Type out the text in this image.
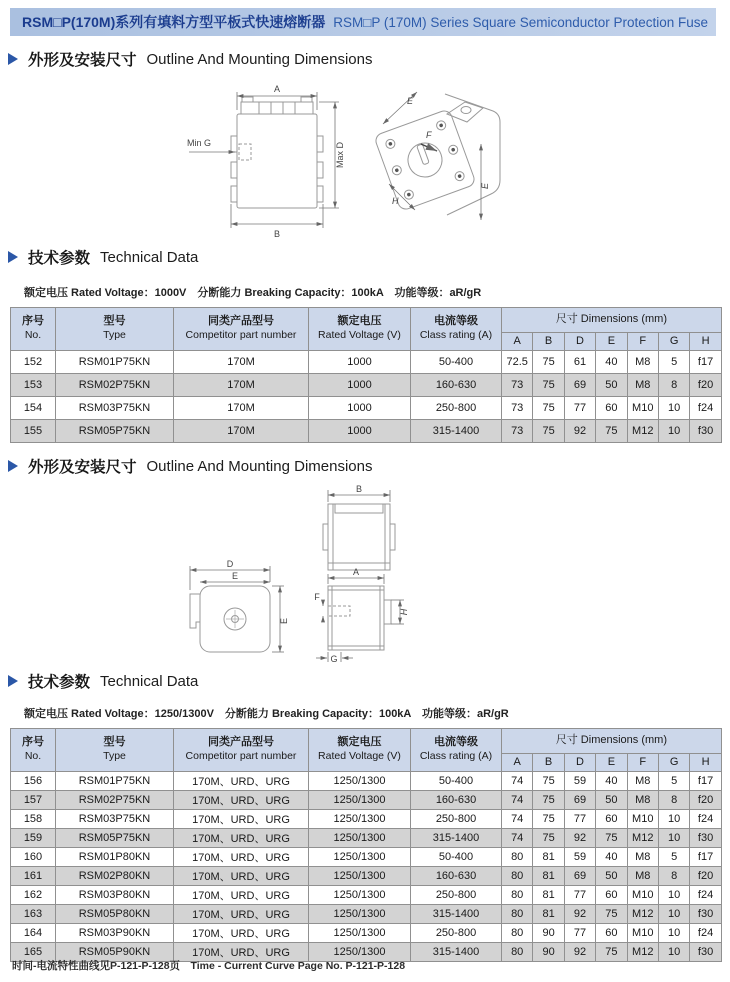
RSM□P(170M)系列有填料方型平板式快速熔断器 RSM□P (170M) Series Square Semiconductor Protection Fuse
外形及安装尺寸 Outline And Mounting Dimensions
A
Min G	Max D
B
E
F
H
E
技术参数 Technical Data

额定电压 Rated Voltage：1000V　分断能力 Breaking Capacity：100kA　功能等级：aR/gR

序号
No.	型号
Type	同类产品型号
Competitor part number	额定电压
Rated Voltage (V)	电流等级
Class rating (A)	尺寸 Dimensions (mm)						
					A	B	D	E	F	G	H
152	RSM01P75KN	170M	1000	50-400	72.5	75	61	40	M8	5	f17
153	RSM02P75KN	170M	1000	160-630	73	75	69	50	M8	8	f20
154	RSM03P75KN	170M	1000	250-800	73	75	77	60	M10	10	f24
155	RSM05P75KN	170M	1000	315-1400	73	75	92	75	M12	10	f30
外形及安装尺寸 Outline And Mounting Dimensions
B
D
E
E
A
F
H
G
技术参数 Technical Data

额定电压 Rated Voltage：1250/1300V　分断能力 Breaking Capacity：100kA　功能等级：aR/gR

序号
No.	型号
Type	同类产品型号
Competitor part number	额定电压
Rated Voltage (V)	电流等级
Class rating (A)	尺寸 Dimensions (mm)						
					A	B	D	E	F	G	H
156	RSM01P75KN	170M、URD、URG	1250/1300	50-400	74	75	59	40	M8	5	f17
157	RSM02P75KN	170M、URD、URG	1250/1300	160-630	74	75	69	50	M8	8	f20
158	RSM03P75KN	170M、URD、URG	1250/1300	250-800	74	75	77	60	M10	10	f24
159	RSM05P75KN	170M、URD、URG	1250/1300	315-1400	74	75	92	75	M12	10	f30
160	RSM01P80KN	170M、URD、URG	1250/1300	50-400	80	81	59	40	M8	5	f17
161	RSM02P80KN	170M、URD、URG	1250/1300	160-630	80	81	69	50	M8	8	f20
162	RSM03P80KN	170M、URD、URG	1250/1300	250-800	80	81	77	60	M10	10	f24
163	RSM05P80KN	170M、URD、URG	1250/1300	315-1400	80	81	92	75	M12	10	f30
164	RSM03P90KN	170M、URD、URG	1250/1300	250-800	80	90	77	60	M10	10	f24
165	RSM05P90KN	170M、URD、URG	1250/1300	315-1400	80	90	92	75	M12	10	f30

时间-电流特性曲线见P-121-P-128页　Time - Current Curve Page No. P-121-P-128
